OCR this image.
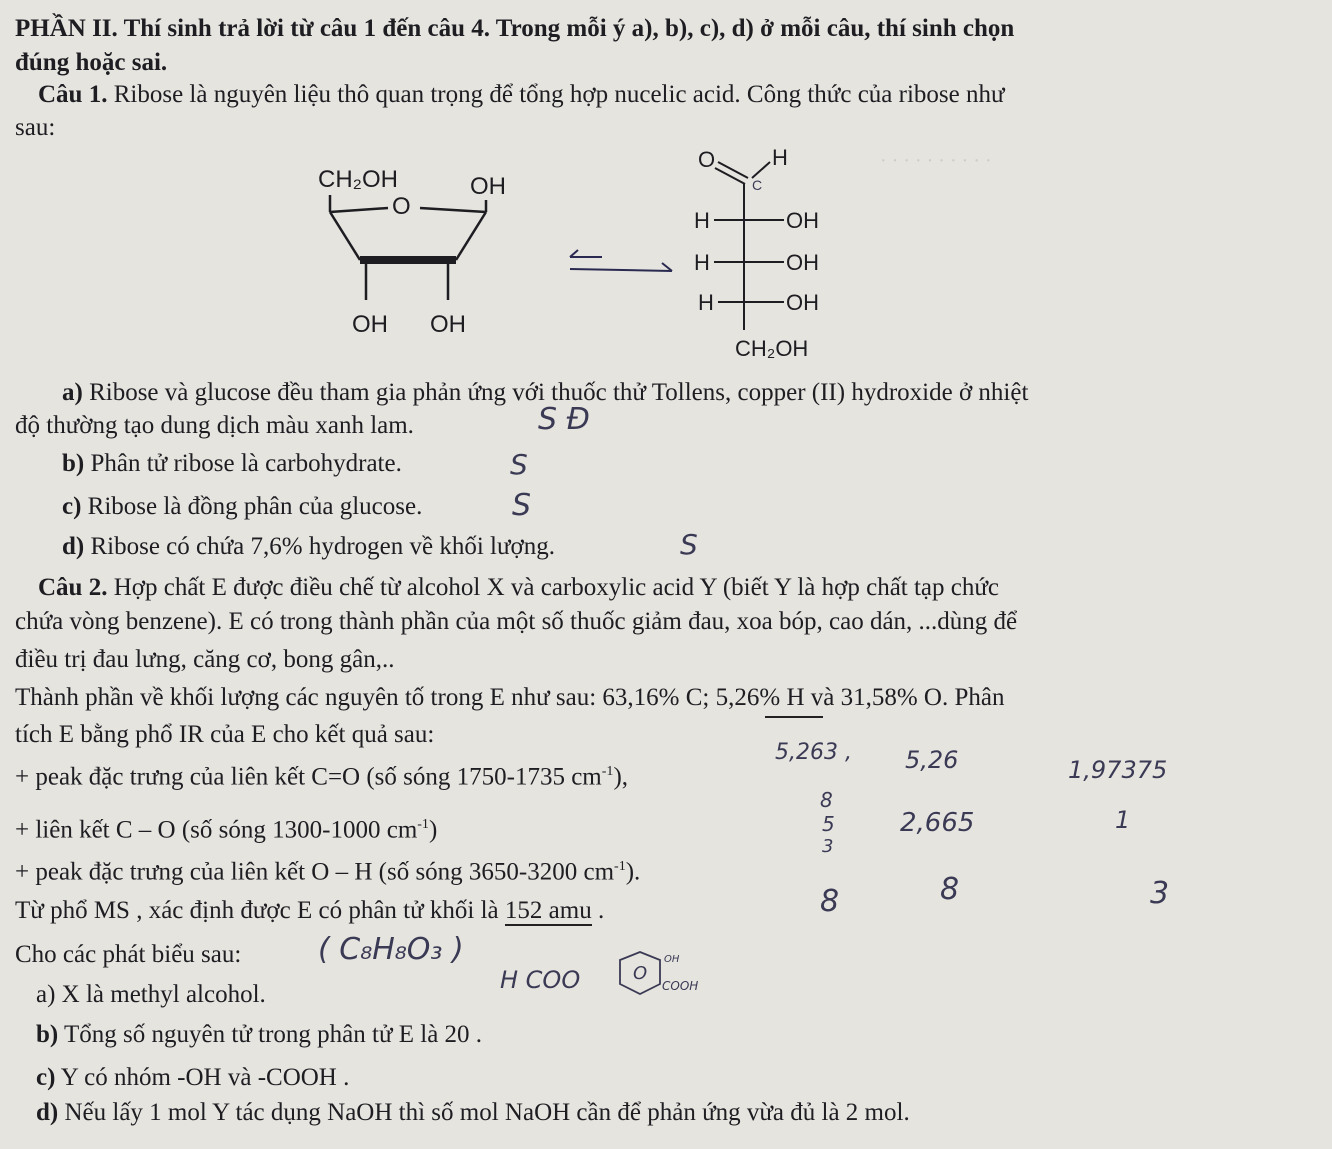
· · · · · · · · · ·
PHẦN II. Thí sinh trả lời từ câu 1 đến câu 4. Trong mỗi ý a), b), c), d) ở mỗi câu, thí sinh chọn
đúng hoặc sai.
Câu 1. Ribose là nguyên liệu thô quan trọng để tổng hợp nucelic acid. Công thức của ribose như
sau:
CH₂OH	OH
O
OH OH
O	H
C
H	OH
H	OH
H	OH
CH₂OH
a) Ribose và glucose đều tham gia phản ứng với thuốc thử Tollens, copper (II) hydroxide ở nhiệt
độ thường tạo dung dịch màu xanh lam.
b) Phân tử ribose là carbohydrate.
c) Ribose là đồng phân của glucose.
d) Ribose có chứa 7,6% hydrogen về khối lượng.
S Đ
S
S
S
Câu 2. Hợp chất E được điều chế từ alcohol X và carboxylic acid Y (biết Y là hợp chất tạp chức
chứa vòng benzene). E có trong thành phần của một số thuốc giảm đau, xoa bóp, cao dán, ...dùng để
điều trị đau lưng, căng cơ, bong gân,..
Thành phần về khối lượng các nguyên tố trong E như sau: 63,16% C; 5,26% H và 31,58% O. Phân
tích E bằng phổ IR của E cho kết quả sau:
+ peak đặc trưng của liên kết C=O (số sóng 1750-1735 $cm^{-1}$),
+ liên kết C – O (số sóng 1300-1000 $cm^{-1}$)
+ peak đặc trưng của liên kết O – H (số sóng 3650-3200 $cm^{-1}$).
Từ phổ MS , xác định được E có phân tử khối là 152 amu .
Cho các phát biểu sau:
a) X là methyl alcohol.
b) Tổng số nguyên tử trong phân tử E là 20 .
c) Y có nhóm -OH và -COOH .
d) Nếu lấy 1 mol Y tác dụng NaOH thì số mol NaOH cần để phản ứng vừa đủ là 2 mol.
5,263 , 5,26	1,97375
8
5	2,665	1
3
8	8	3
( C₈H₈O₃ )
H COO	O
OH
COOH
